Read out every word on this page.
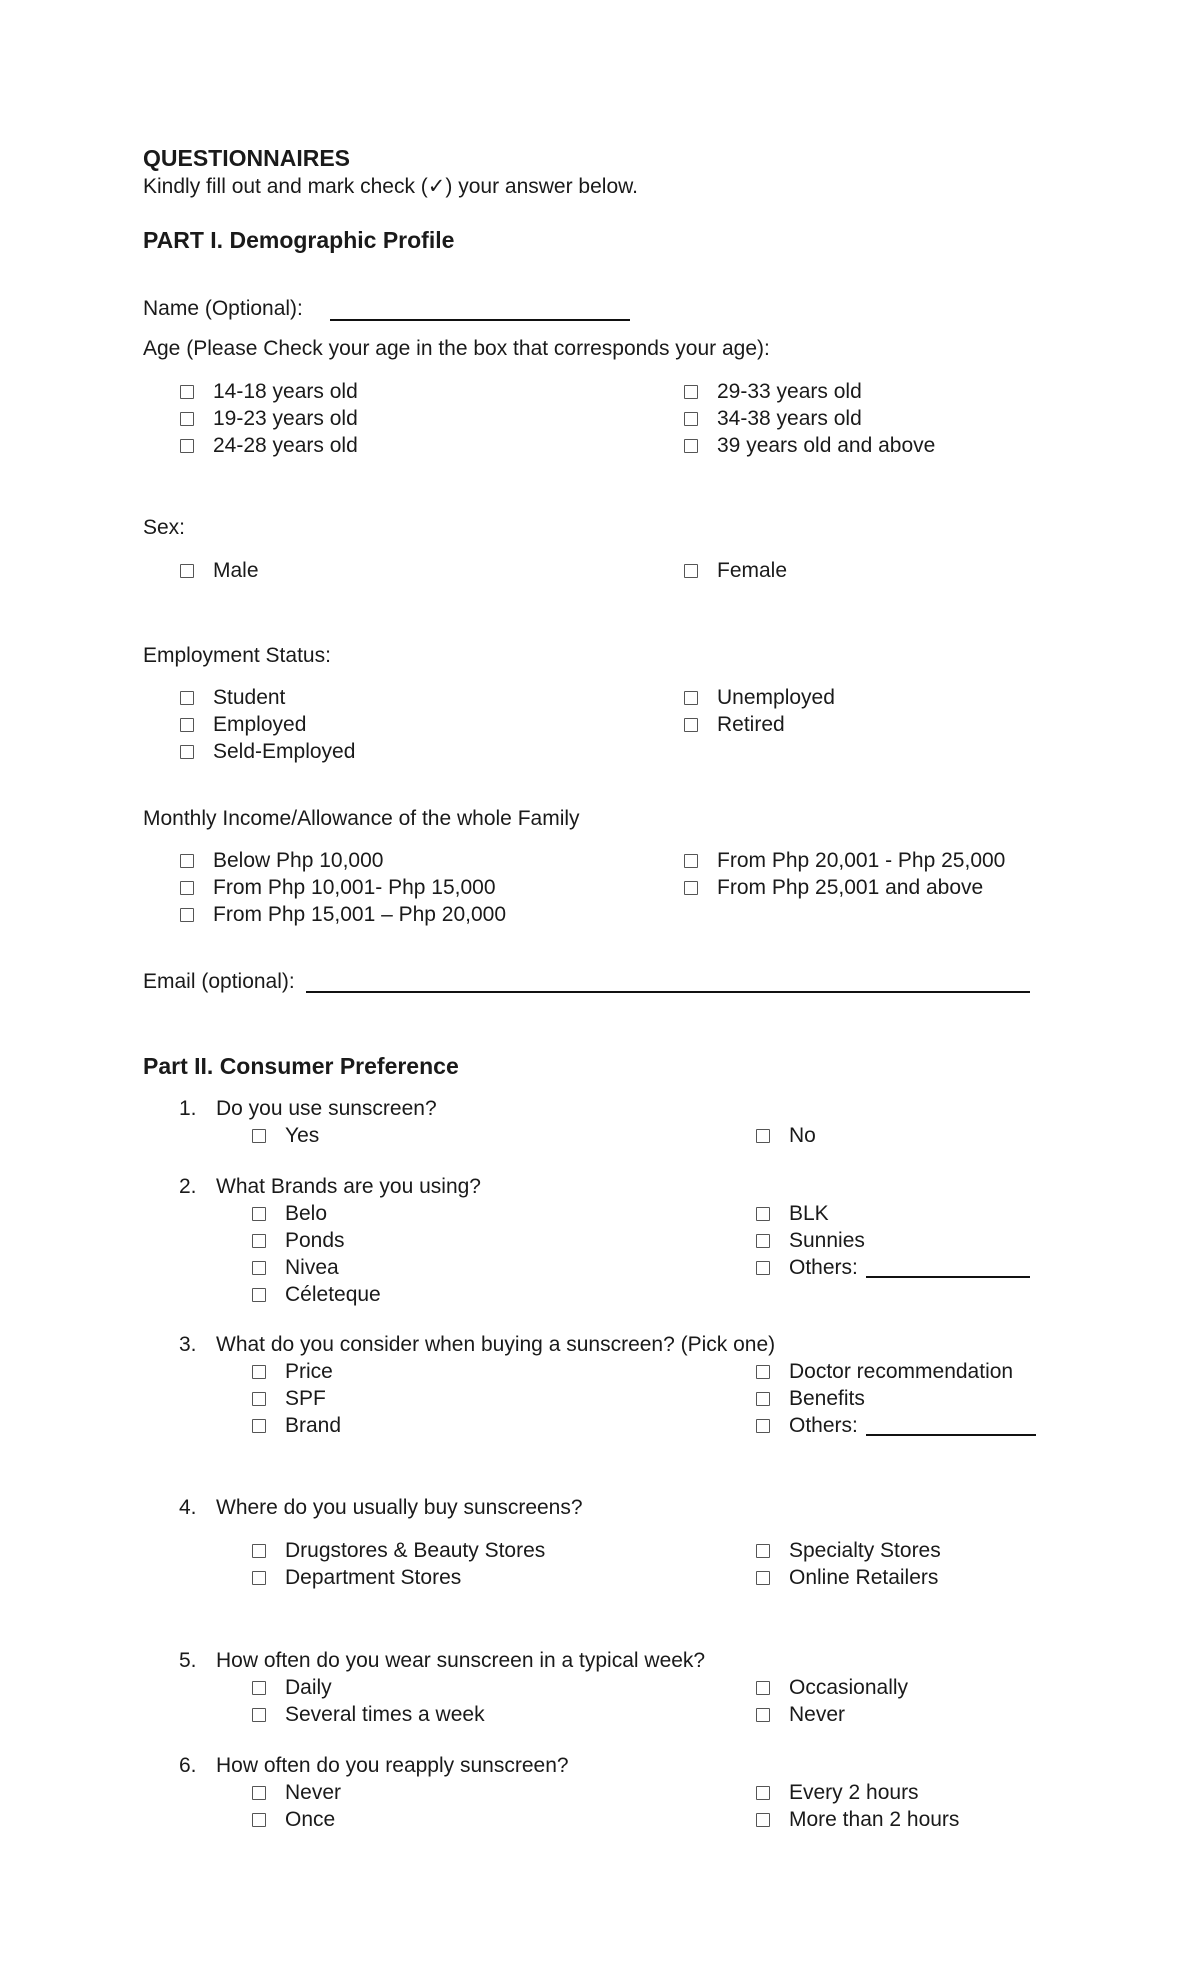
QUESTIONNAIRES
Kindly fill out and mark check (✓) your answer below.
PART I. Demographic Profile
Name (Optional):
Age (Please Check your age in the box that corresponds your age):
14-18 years old
19-23 years old
24-28 years old
29-33 years old
34-38 years old
39 years old and above
Sex:
Male	Female
Employment Status:
Student
Employed
Seld-Employed
Unemployed
Retired
Monthly Income/Allowance of the whole Family
Below Php 10,000
From Php 10,001- Php 15,000
From Php 15,001 – Php 20,000
From Php 20,001 - Php 25,000
From Php 25,001 and above
Email (optional):
Part II. Consumer Preference
1. Do you use sunscreen?
Yes	No
2. What Brands are you using?
Belo
Ponds
Nivea
Céleteque
BLK
Sunnies
Others:
3. What do you consider when buying a sunscreen? (Pick one)
Price
SPF
Brand
Doctor recommendation
Benefits
Others:
4. Where do you usually buy sunscreens?
Drugstores & Beauty Stores
Department Stores
Specialty Stores
Online Retailers
5. How often do you wear sunscreen in a typical week?
Daily
Several times a week
Occasionally
Never
6. How often do you reapply sunscreen?
Never
Once
Every 2 hours
More than 2 hours
